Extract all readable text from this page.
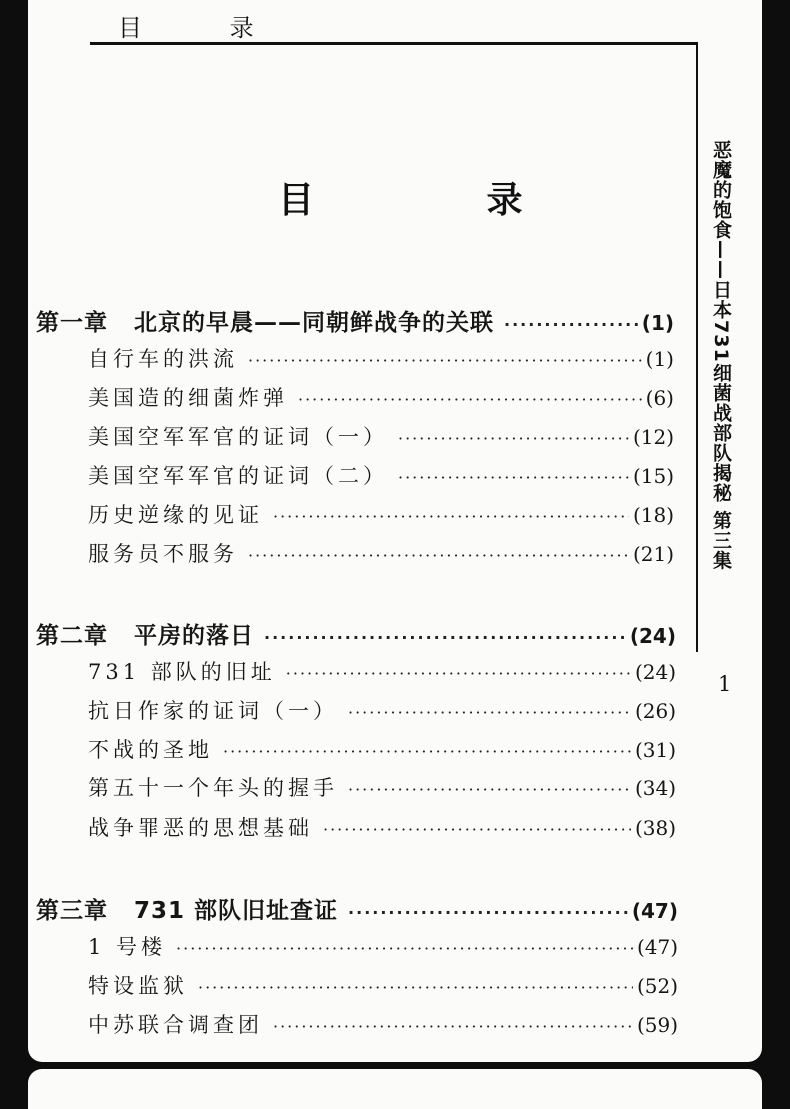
目 录
恶魔的饱食——日本731细菌战部队揭秘 第三集
1
目 录
第一章 北京的早晨——同朝鲜战争的关联 ·····	(1)
自行车的洪流 ·····	(1)
美国造的细菌炸弹 ·····	(6)
美国空军军官的证词（一） ·····	(12)
美国空军军官的证词（二） ·····	(15)
历史逆缘的见证 ·····	(18)
服务员不服务 ·····	(21)
第二章 平房的落日 ·····	(24)
731 部队的旧址 ·····	(24)
抗日作家的证词（一） ·····	(26)
不战的圣地 ·····	(31)
第五十一个年头的握手 ·····	(34)
战争罪恶的思想基础 ·····	(38)
第三章 731 部队旧址查证 ·····	(47)
1 号楼 ·····	(47)
特设监狱 ·····	(52)
中苏联合调查团 ·····	(59)
